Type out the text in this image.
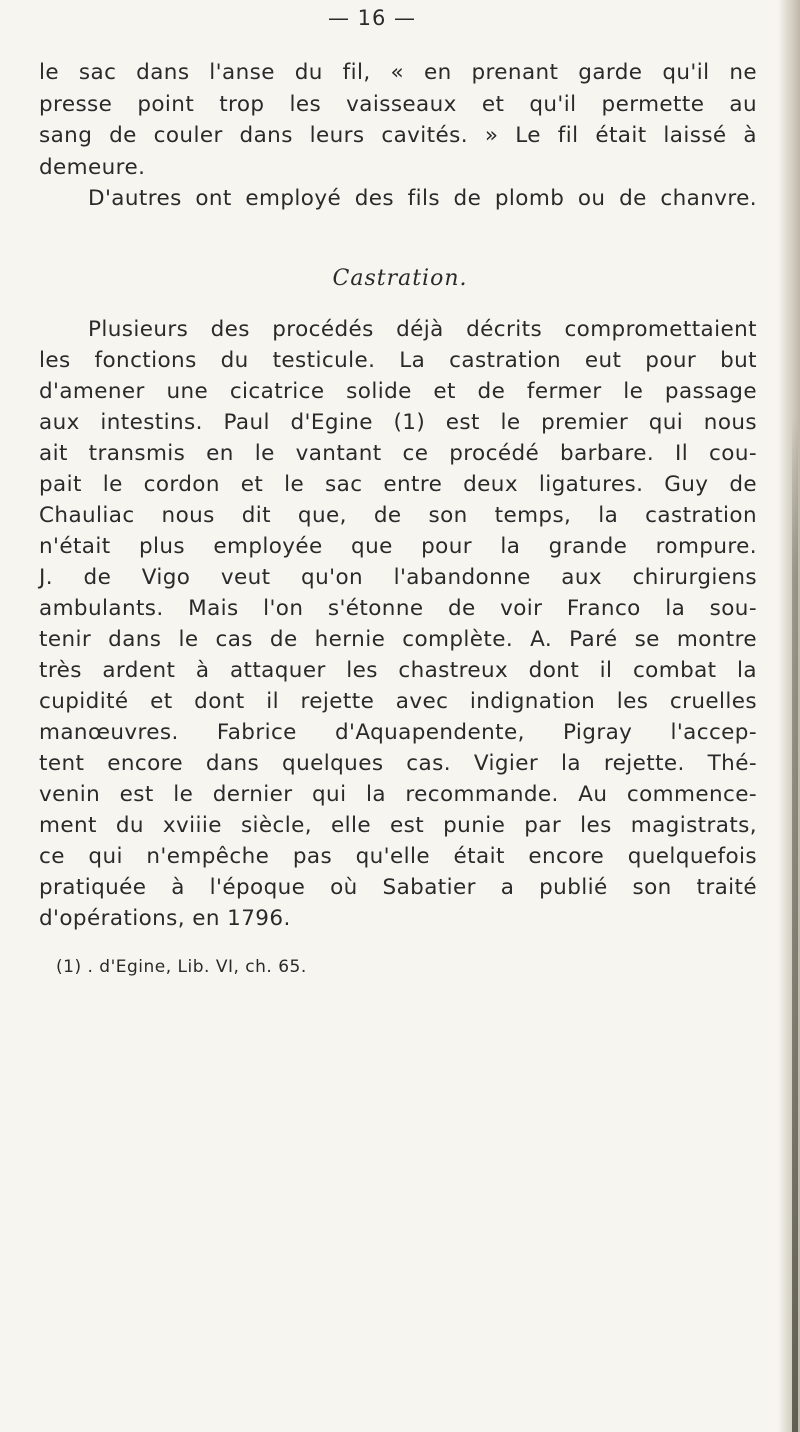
— 16 —
le sac dans l'anse du fil, « en prenant garde qu'il ne
presse point trop les vaisseaux et qu'il permette au
sang de couler dans leurs cavités. » Le fil était laissé à
demeure.
D'autres ont employé des fils de plomb ou de chanvre.
Castration.
Plusieurs des procédés déjà décrits compromettaient
les fonctions du testicule. La castration eut pour but
d'amener une cicatrice solide et de fermer le passage
aux intestins. Paul d'Egine (1) est le premier qui nous
ait transmis en le vantant ce procédé barbare. Il cou-
pait le cordon et le sac entre deux ligatures. Guy de
Chauliac nous dit que, de son temps, la castration
n'était plus employée que pour la grande rompure.
J. de Vigo veut qu'on l'abandonne aux chirurgiens
ambulants. Mais l'on s'étonne de voir Franco la sou-
tenir dans le cas de hernie complète. A. Paré se montre
très ardent à attaquer les chastreux dont il combat la
cupidité et dont il rejette avec indignation les cruelles
manœuvres. Fabrice d'Aquapendente, Pigray l'accep-
tent encore dans quelques cas. Vigier la rejette. Thé-
venin est le dernier qui la recommande. Au commence-
ment du xviiie siècle, elle est punie par les magistrats,
ce qui n'empêche pas qu'elle était encore quelquefois
pratiquée à l'époque où Sabatier a publié son traité
d'opérations, en 1796.
(1) . d'Egine, Lib. VI, ch. 65.
